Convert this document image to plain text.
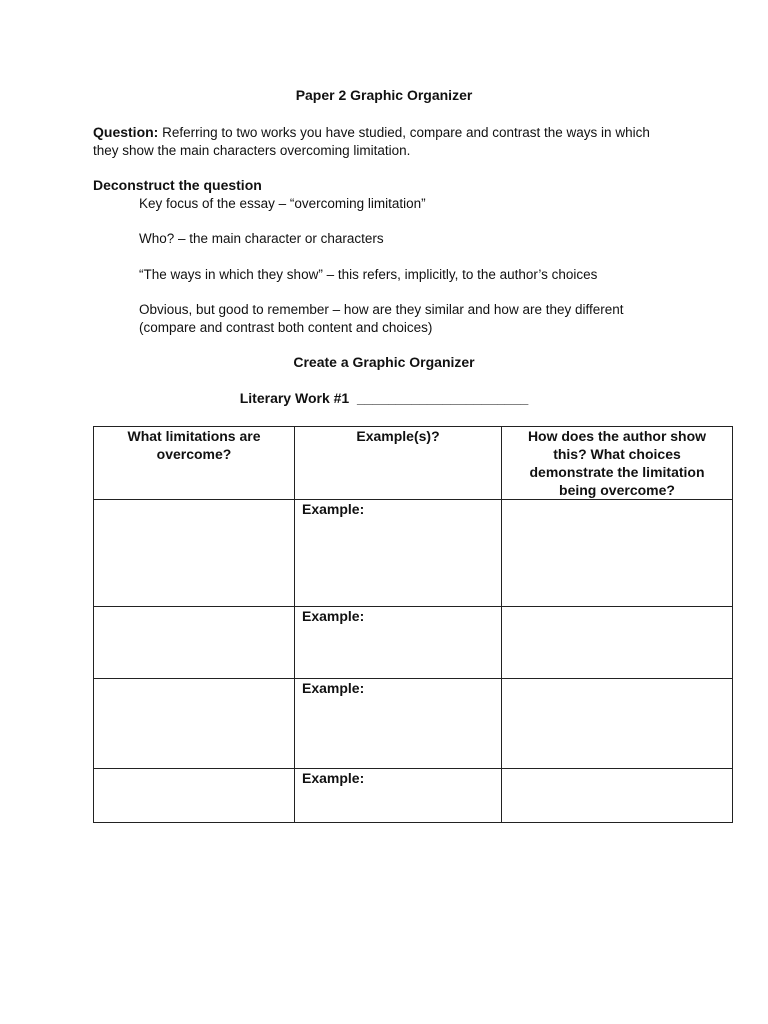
Paper 2 Graphic Organizer
Question: Referring to two works you have studied, compare and contrast the ways in which they show the main characters overcoming limitation.
Deconstruct the question
Key focus of the essay – “overcoming limitation”
Who? – the main character or characters
“The ways in which they show” – this refers, implicitly, to the author’s choices
Obvious, but good to remember – how are they similar and how are they different (compare and contrast both content and choices)
Create a Graphic Organizer
Literary Work #1  ______________________
What limitations are overcome?	Example(s)?	How does the author show this? What choices demonstrate the limitation being overcome?

	Example:	

	Example:	

	Example:	

	Example:	
